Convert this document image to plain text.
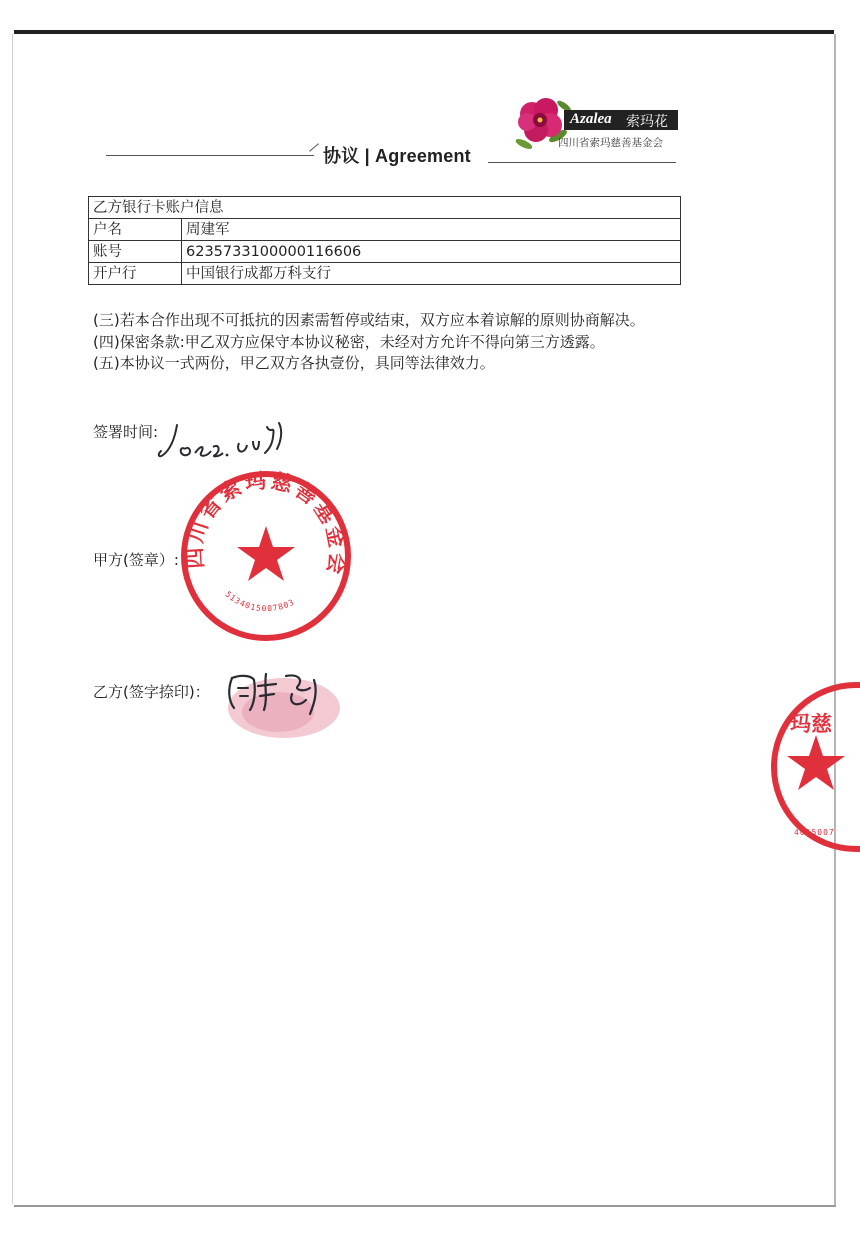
协议 | Agreement
Azalea 索玛花
四川省索玛慈善基金会
乙方银行卡账户信息	
户名	周建军
账号	6235733100000116606
开户行	中国银行成都万科支行

(三)若本合作出现不可抵抗的因素需暂停或结束，双方应本着谅解的原则协商解决。

(四)保密条款:甲乙双方应保守本协议秘密，未经对方允许不得向第三方透露。

(五)本协议一式两份，甲乙双方各执壹份，具同等法律效力。

签署时间:
甲方(签章）: 四川省索玛慈善基金会
5134015007803
乙方(签字捺印)：
玛慈
4015007
